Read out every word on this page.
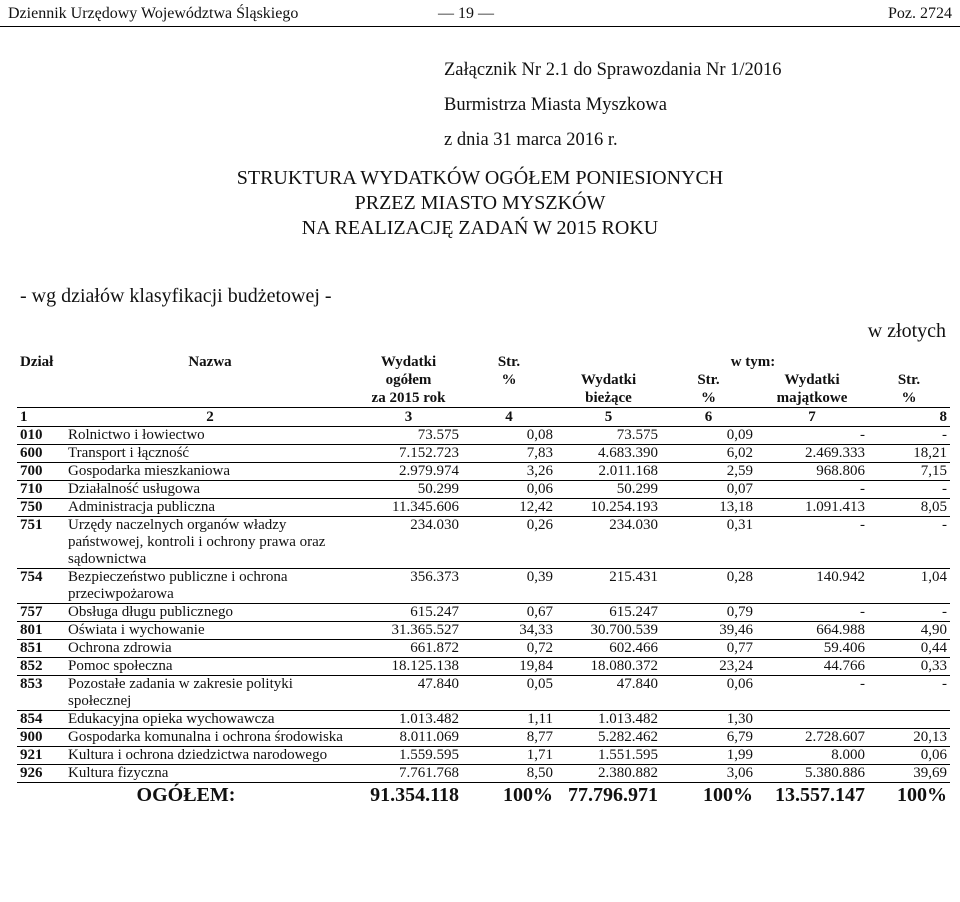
Dziennik Urzędowy Województwa Śląskiego	— 19 —	Poz. 2724
Załącznik Nr 2.1 do Sprawozdania Nr 1/2016
Burmistrza Miasta Myszkowa
z dnia 31 marca 2016 r.
STRUKTURA WYDATKÓW OGÓŁEM PONIESIONYCH
PRZEZ MIASTO MYSZKÓW
NA REALIZACJĘ ZADAŃ W 2015 ROKU
- wg działów klasyfikacji budżetowej -
w złotych
Dział	Nazwa	Wydatki	Str.	w tym:			
		ogółem	%	Wydatki	Str.	Wydatki	Str.
		za 2015 rok		bieżące	%	majątkowe	%
1	2	3	4	5	6	7	8
010	Rolnictwo i łowiectwo	73.575	0,08	73.575	0,09	-	-
600	Transport i łączność	7.152.723	7,83	4.683.390	6,02	2.469.333	18,21
700	Gospodarka mieszkaniowa	2.979.974	3,26	2.011.168	2,59	968.806	7,15
710	Działalność usługowa	50.299	0,06	50.299	0,07	-	-
750	Administracja publiczna	11.345.606	12,42	10.254.193	13,18	1.091.413	8,05
751	Urzędy naczelnych organów władzy państwowej, kontroli i ochrony prawa oraz sądownictwa	234.030	0,26	234.030	0,31	-	-
754	Bezpieczeństwo publiczne i ochrona przeciwpożarowa	356.373	0,39	215.431	0,28	140.942	1,04
757	Obsługa długu publicznego	615.247	0,67	615.247	0,79	-	-
801	Oświata i wychowanie	31.365.527	34,33	30.700.539	39,46	664.988	4,90
851	Ochrona zdrowia	661.872	0,72	602.466	0,77	59.406	0,44
852	Pomoc społeczna	18.125.138	19,84	18.080.372	23,24	44.766	0,33
853	Pozostałe zadania w zakresie polityki społecznej	47.840	0,05	47.840	0,06	-	-
854	Edukacyjna opieka wychowawcza	1.013.482	1,11	1.013.482	1,30		
900	Gospodarka komunalna i ochrona środowiska	8.011.069	8,77	5.282.462	6,79	2.728.607	20,13
921	Kultura i ochrona dziedzictwa narodowego	1.559.595	1,71	1.551.595	1,99	8.000	0,06
926	Kultura fizyczna	7.761.768	8,50	2.380.882	3,06	5.380.886	39,69
OGÓŁEM:		91.354.118	100%	77.796.971	100%	13.557.147	100%
